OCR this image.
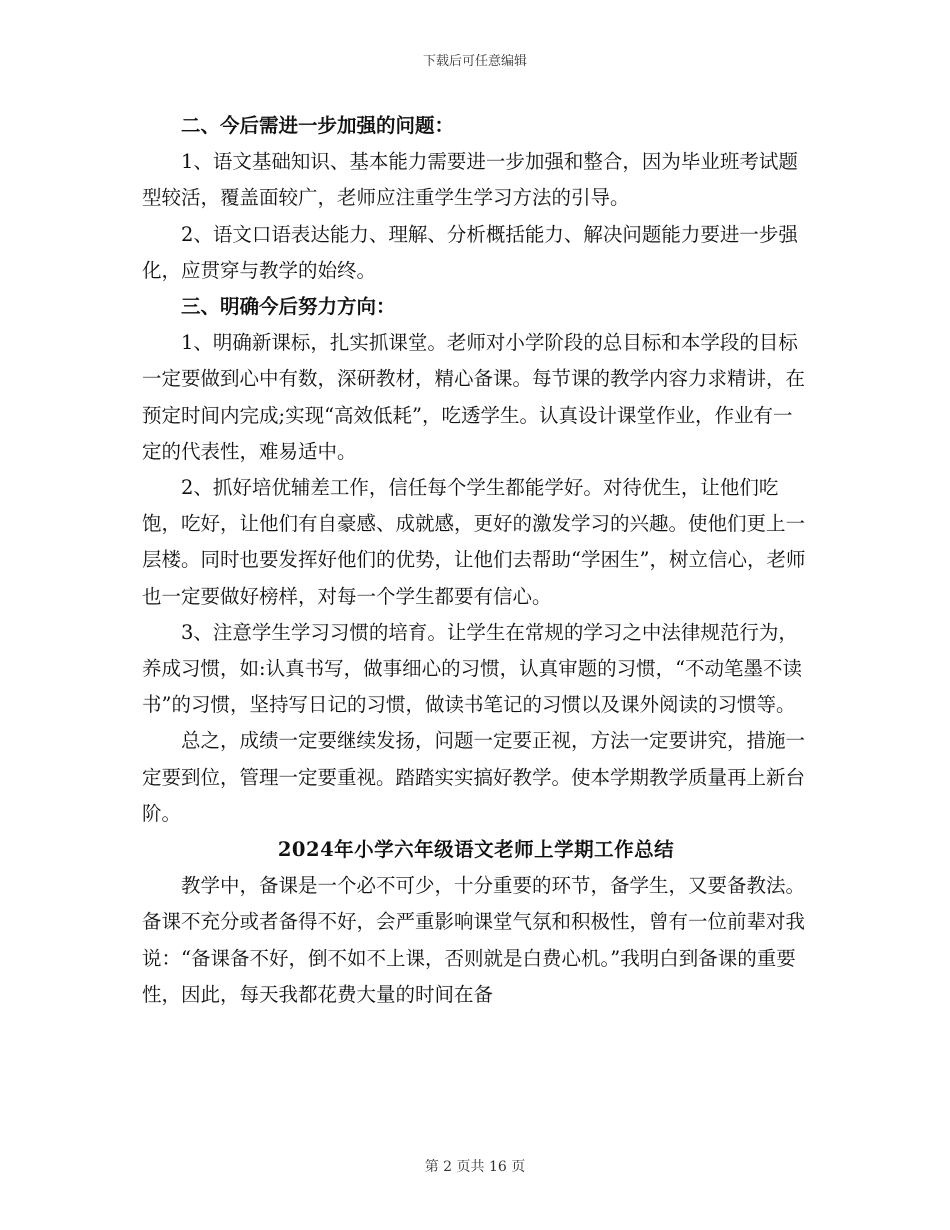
下载后可任意编辑

二、今后需进一步加强的问题：

1、语文基础知识、基本能力需要进一步加强和整合，因为毕业班考试题型较活，覆盖面较广，老师应注重学生学习方法的引导。

2、语文口语表达能力、理解、分析概括能力、解决问题能力要进一步强化，应贯穿与教学的始终。

三、明确今后努力方向：

1、明确新课标，扎实抓课堂。老师对小学阶段的总目标和本学段的目标一定要做到心中有数，深研教材，精心备课。每节课的教学内容力求精讲，在预定时间内完成;实现“高效低耗”，吃透学生。认真设计课堂作业，作业有一定的代表性，难易适中。

2、抓好培优辅差工作，信任每个学生都能学好。对待优生，让他们吃饱，吃好，让他们有自豪感、成就感，更好的激发学习的兴趣。使他们更上一层楼。同时也要发挥好他们的优势，让他们去帮助“学困生”，树立信心，老师也一定要做好榜样，对每一个学生都要有信心。

3、注意学生学习习惯的培育。让学生在常规的学习之中法律规范行为，养成习惯，如:认真书写，做事细心的习惯，认真审题的习惯，“不动笔墨不读书”的习惯，坚持写日记的习惯，做读书笔记的习惯以及课外阅读的习惯等。

总之，成绩一定要继续发扬，问题一定要正视，方法一定要讲究，措施一定要到位，管理一定要重视。踏踏实实搞好教学。使本学期教学质量再上新台阶。

2024年小学六年级语文老师上学期工作总结

教学中，备课是一个必不可少，十分重要的环节，备学生，又要备教法。备课不充分或者备得不好，会严重影响课堂气氛和积极性，曾有一位前辈对我说：“备课备不好，倒不如不上课，否则就是白费心机。”我明白到备课的重要性，因此，每天我都花费大量的时间在备

第 2 页共 16 页
